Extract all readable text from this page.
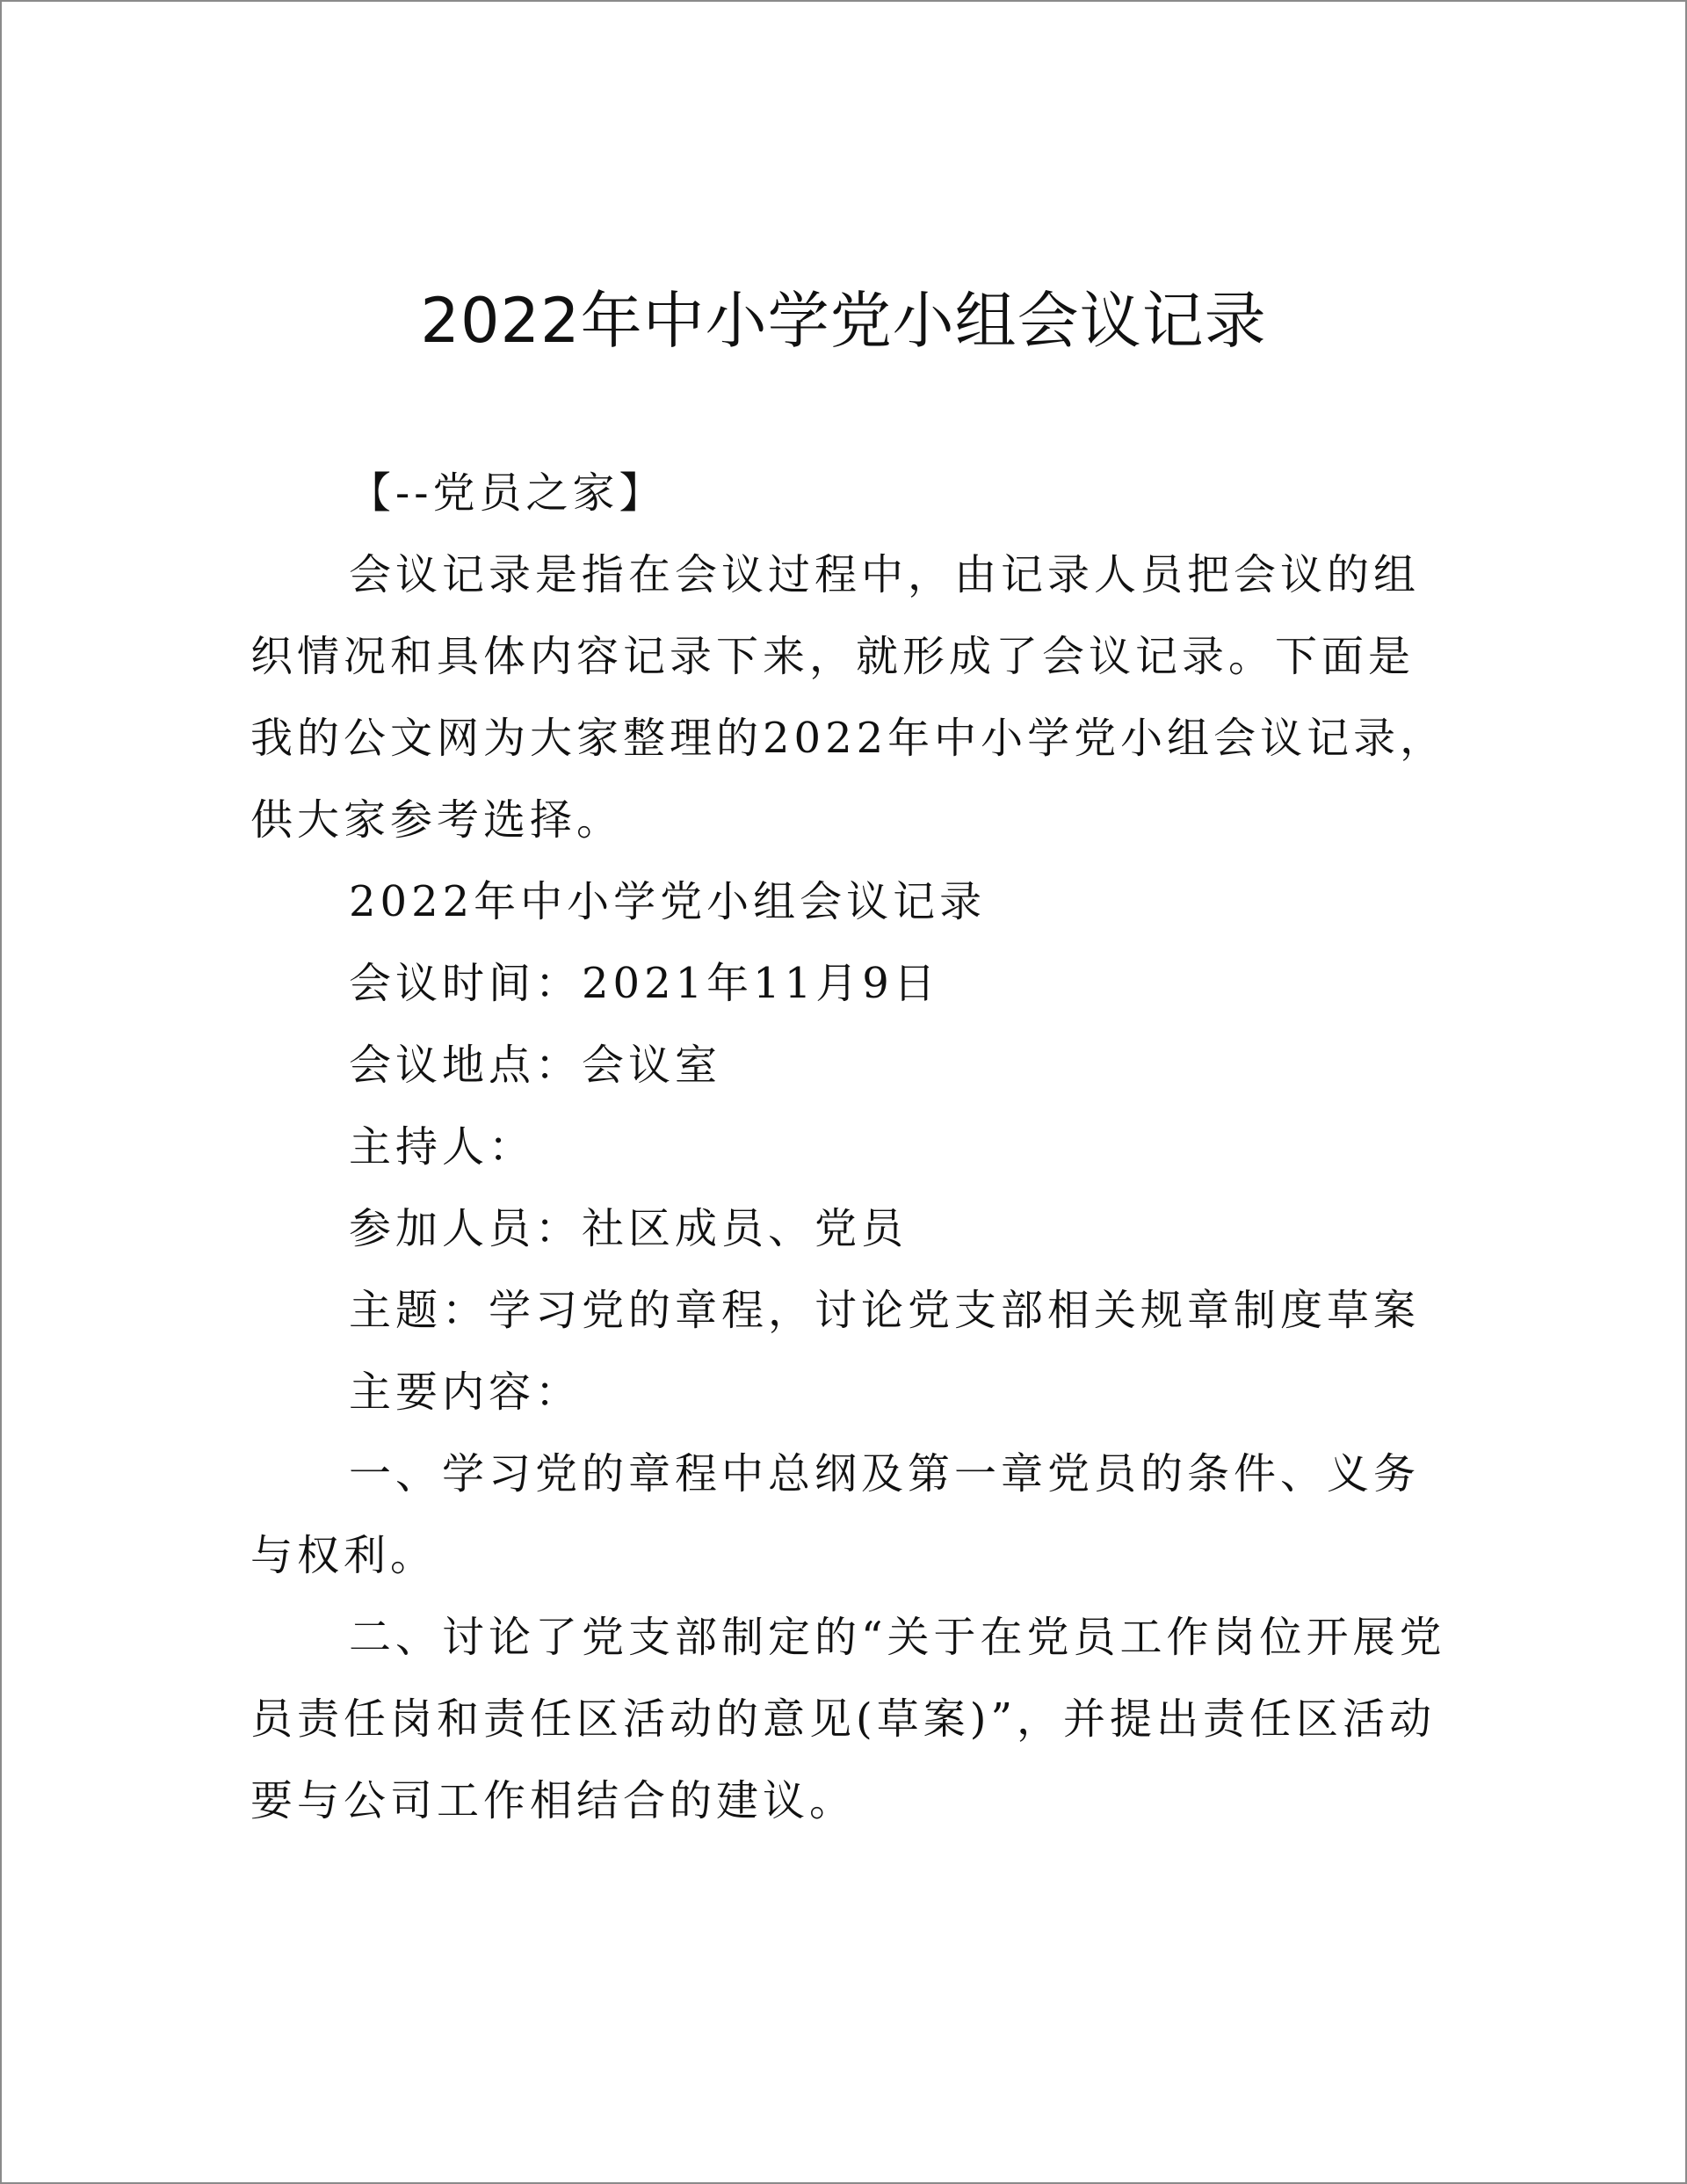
2022年中小学党小组会议记录

【--党员之家】

会议记录是指在会议过程中，由记录人员把会议的组织情况和具体内容记录下来，就形成了会议记录。下面是我的公文网为大家整理的2022年中小学党小组会议记录，供大家参考选择。

2022年中小学党小组会议记录

会议时间：2021年11月9日

会议地点：会议室

主持人：

参加人员：社区成员、党员

主题：学习党的章程，讨论党支部相关规章制度草案

主要内容：

一、学习党的章程中总纲及第一章党员的条件、义务与权利。

二、讨论了党支部制定的“关于在党员工作岗位开展党员责任岗和责任区活动的意见(草案)”，并提出责任区活动要与公司工作相结合的建议。
